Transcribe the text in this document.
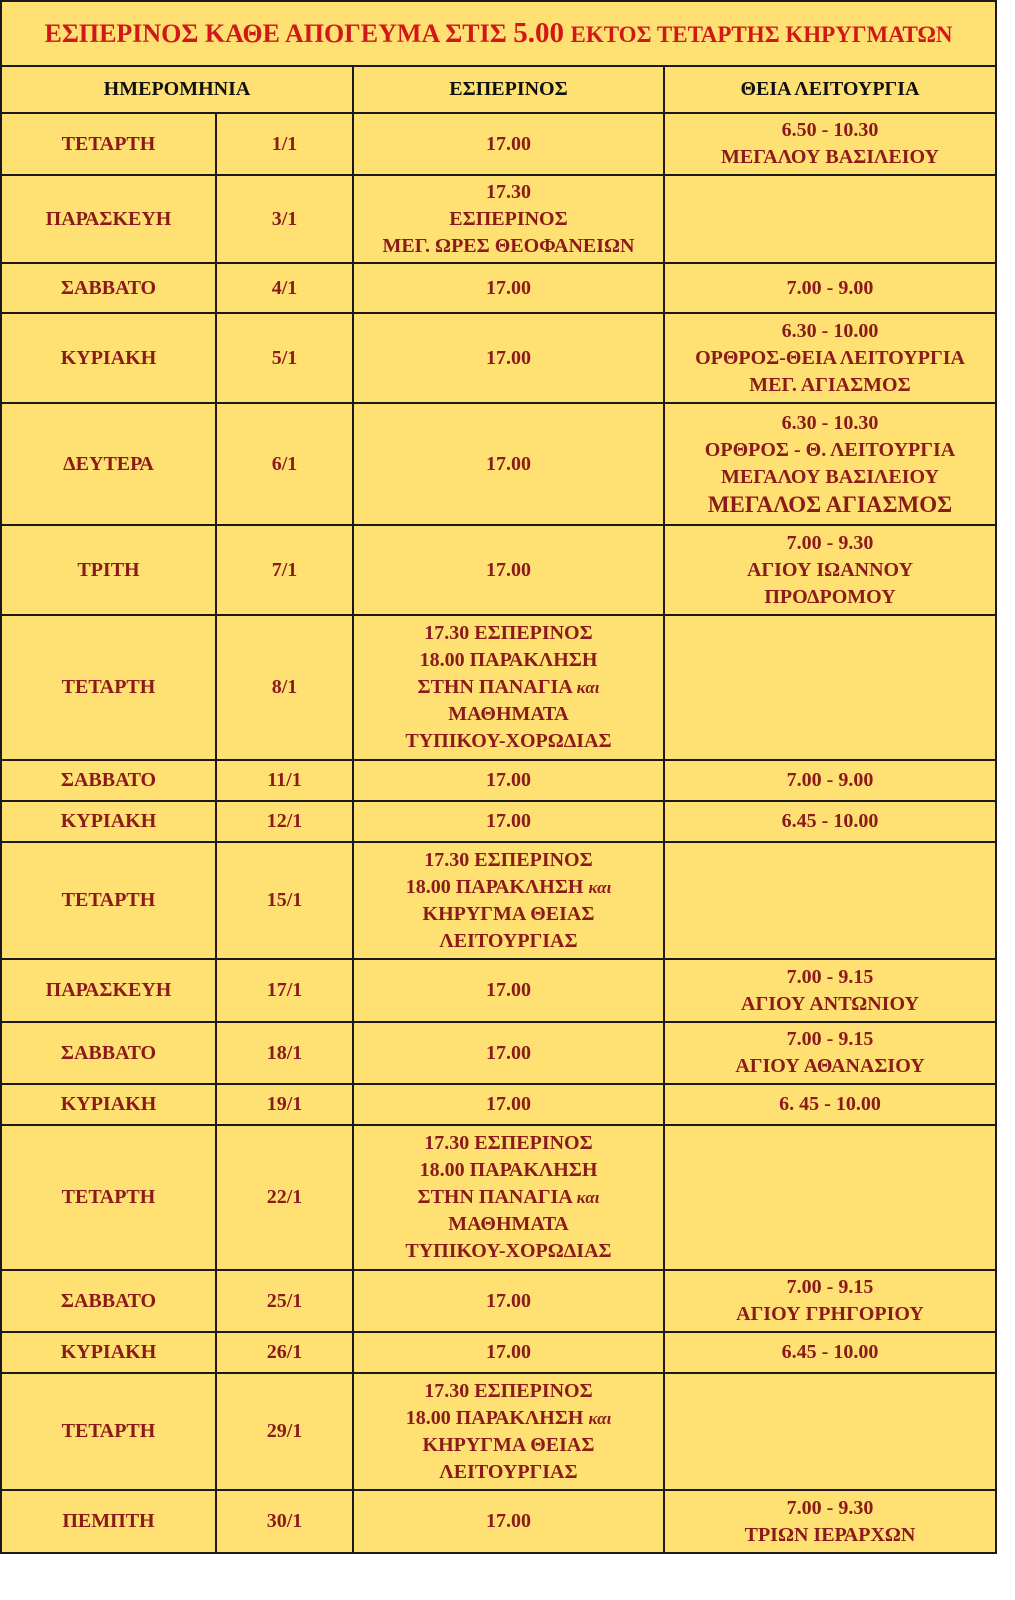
ΕΣΠΕΡΙΝΟΣ ΚΑΘΕ ΑΠΟΓΕΥΜΑ ΣΤΙΣ 5.00 ΕΚΤΟΣ ΤΕΤΑΡΤΗΣ ΚΗΡΥΓΜΑΤΩΝ			
ΗΜΕΡΟΜΗΝΙΑ		ΕΣΠΕΡΙΝΟΣ	ΘΕΙΑ ΛΕΙΤΟΥΡΓΙΑ
ΤΕΤΑΡΤΗ	1/1	17.00	6.50 - 10.30
ΜΕΓΑΛΟΥ ΒΑΣΙΛΕΙΟΥ
ΠΑΡΑΣΚΕΥΗ	3/1	17.30
ΕΣΠΕΡΙΝΟΣ
ΜΕΓ. ΩΡΕΣ ΘΕΟΦΑΝΕΙΩΝ	
ΣΑΒΒΑΤΟ	4/1	17.00	7.00 - 9.00
ΚΥΡΙΑΚΗ	5/1	17.00	6.30 - 10.00
ΟΡΘΡΟΣ-ΘΕΙΑ ΛΕΙΤΟΥΡΓΙΑ
ΜΕΓ. ΑΓΙΑΣΜΟΣ
ΔΕΥΤΕΡΑ	6/1	17.00	6.30 - 10.30
ΟΡΘΡΟΣ - Θ. ΛΕΙΤΟΥΡΓΙΑ
ΜΕΓΑΛΟΥ ΒΑΣΙΛΕΙΟΥ
ΜΕΓΑΛΟΣ ΑΓΙΑΣΜΟΣ

ΤΡΙΤΗ	7/1	17.00	7.00 - 9.30
ΑΓΙΟΥ ΙΩΑΝΝΟΥ
ΠΡΟΔΡΟΜΟΥ
ΤΕΤΑΡΤΗ	8/1	17.30 ΕΣΠΕΡΙΝΟΣ
18.00 ΠΑΡΑΚΛΗΣΗ
ΣΤΗΝ ΠΑΝΑΓΙΑ και
ΜΑΘΗΜΑΤΑ
ΤΥΠΙΚΟΥ-ΧΟΡΩΔΙΑΣ	
ΣΑΒΒΑΤΟ	11/1	17.00	7.00 - 9.00
ΚΥΡΙΑΚΗ	12/1	17.00	6.45 - 10.00
ΤΕΤΑΡΤΗ	15/1	17.30 ΕΣΠΕΡΙΝΟΣ
18.00 ΠΑΡΑΚΛΗΣΗ και
ΚΗΡΥΓΜΑ ΘΕΙΑΣ
ΛΕΙΤΟΥΡΓΙΑΣ	
ΠΑΡΑΣΚΕΥΗ	17/1	17.00	7.00 - 9.15
ΑΓΙΟΥ ΑΝΤΩΝΙΟΥ
ΣΑΒΒΑΤΟ	18/1	17.00	7.00 - 9.15
ΑΓΙΟΥ ΑΘΑΝΑΣΙΟΥ
ΚΥΡΙΑΚΗ	19/1	17.00	6. 45 - 10.00
ΤΕΤΑΡΤΗ	22/1	17.30 ΕΣΠΕΡΙΝΟΣ
18.00 ΠΑΡΑΚΛΗΣΗ
ΣΤΗΝ ΠΑΝΑΓΙΑ και
ΜΑΘΗΜΑΤΑ
ΤΥΠΙΚΟΥ-ΧΟΡΩΔΙΑΣ	
ΣΑΒΒΑΤΟ	25/1	17.00	7.00 - 9.15
ΑΓΙΟΥ ΓΡΗΓΟΡΙΟΥ
ΚΥΡΙΑΚΗ	26/1	17.00	6.45 - 10.00
ΤΕΤΑΡΤΗ	29/1	17.30 ΕΣΠΕΡΙΝΟΣ
18.00 ΠΑΡΑΚΛΗΣΗ και
ΚΗΡΥΓΜΑ ΘΕΙΑΣ
ΛΕΙΤΟΥΡΓΙΑΣ	
ΠΕΜΠΤΗ	30/1	17.00	7.00 - 9.30
ΤΡΙΩΝ ΙΕΡΑΡΧΩΝ
